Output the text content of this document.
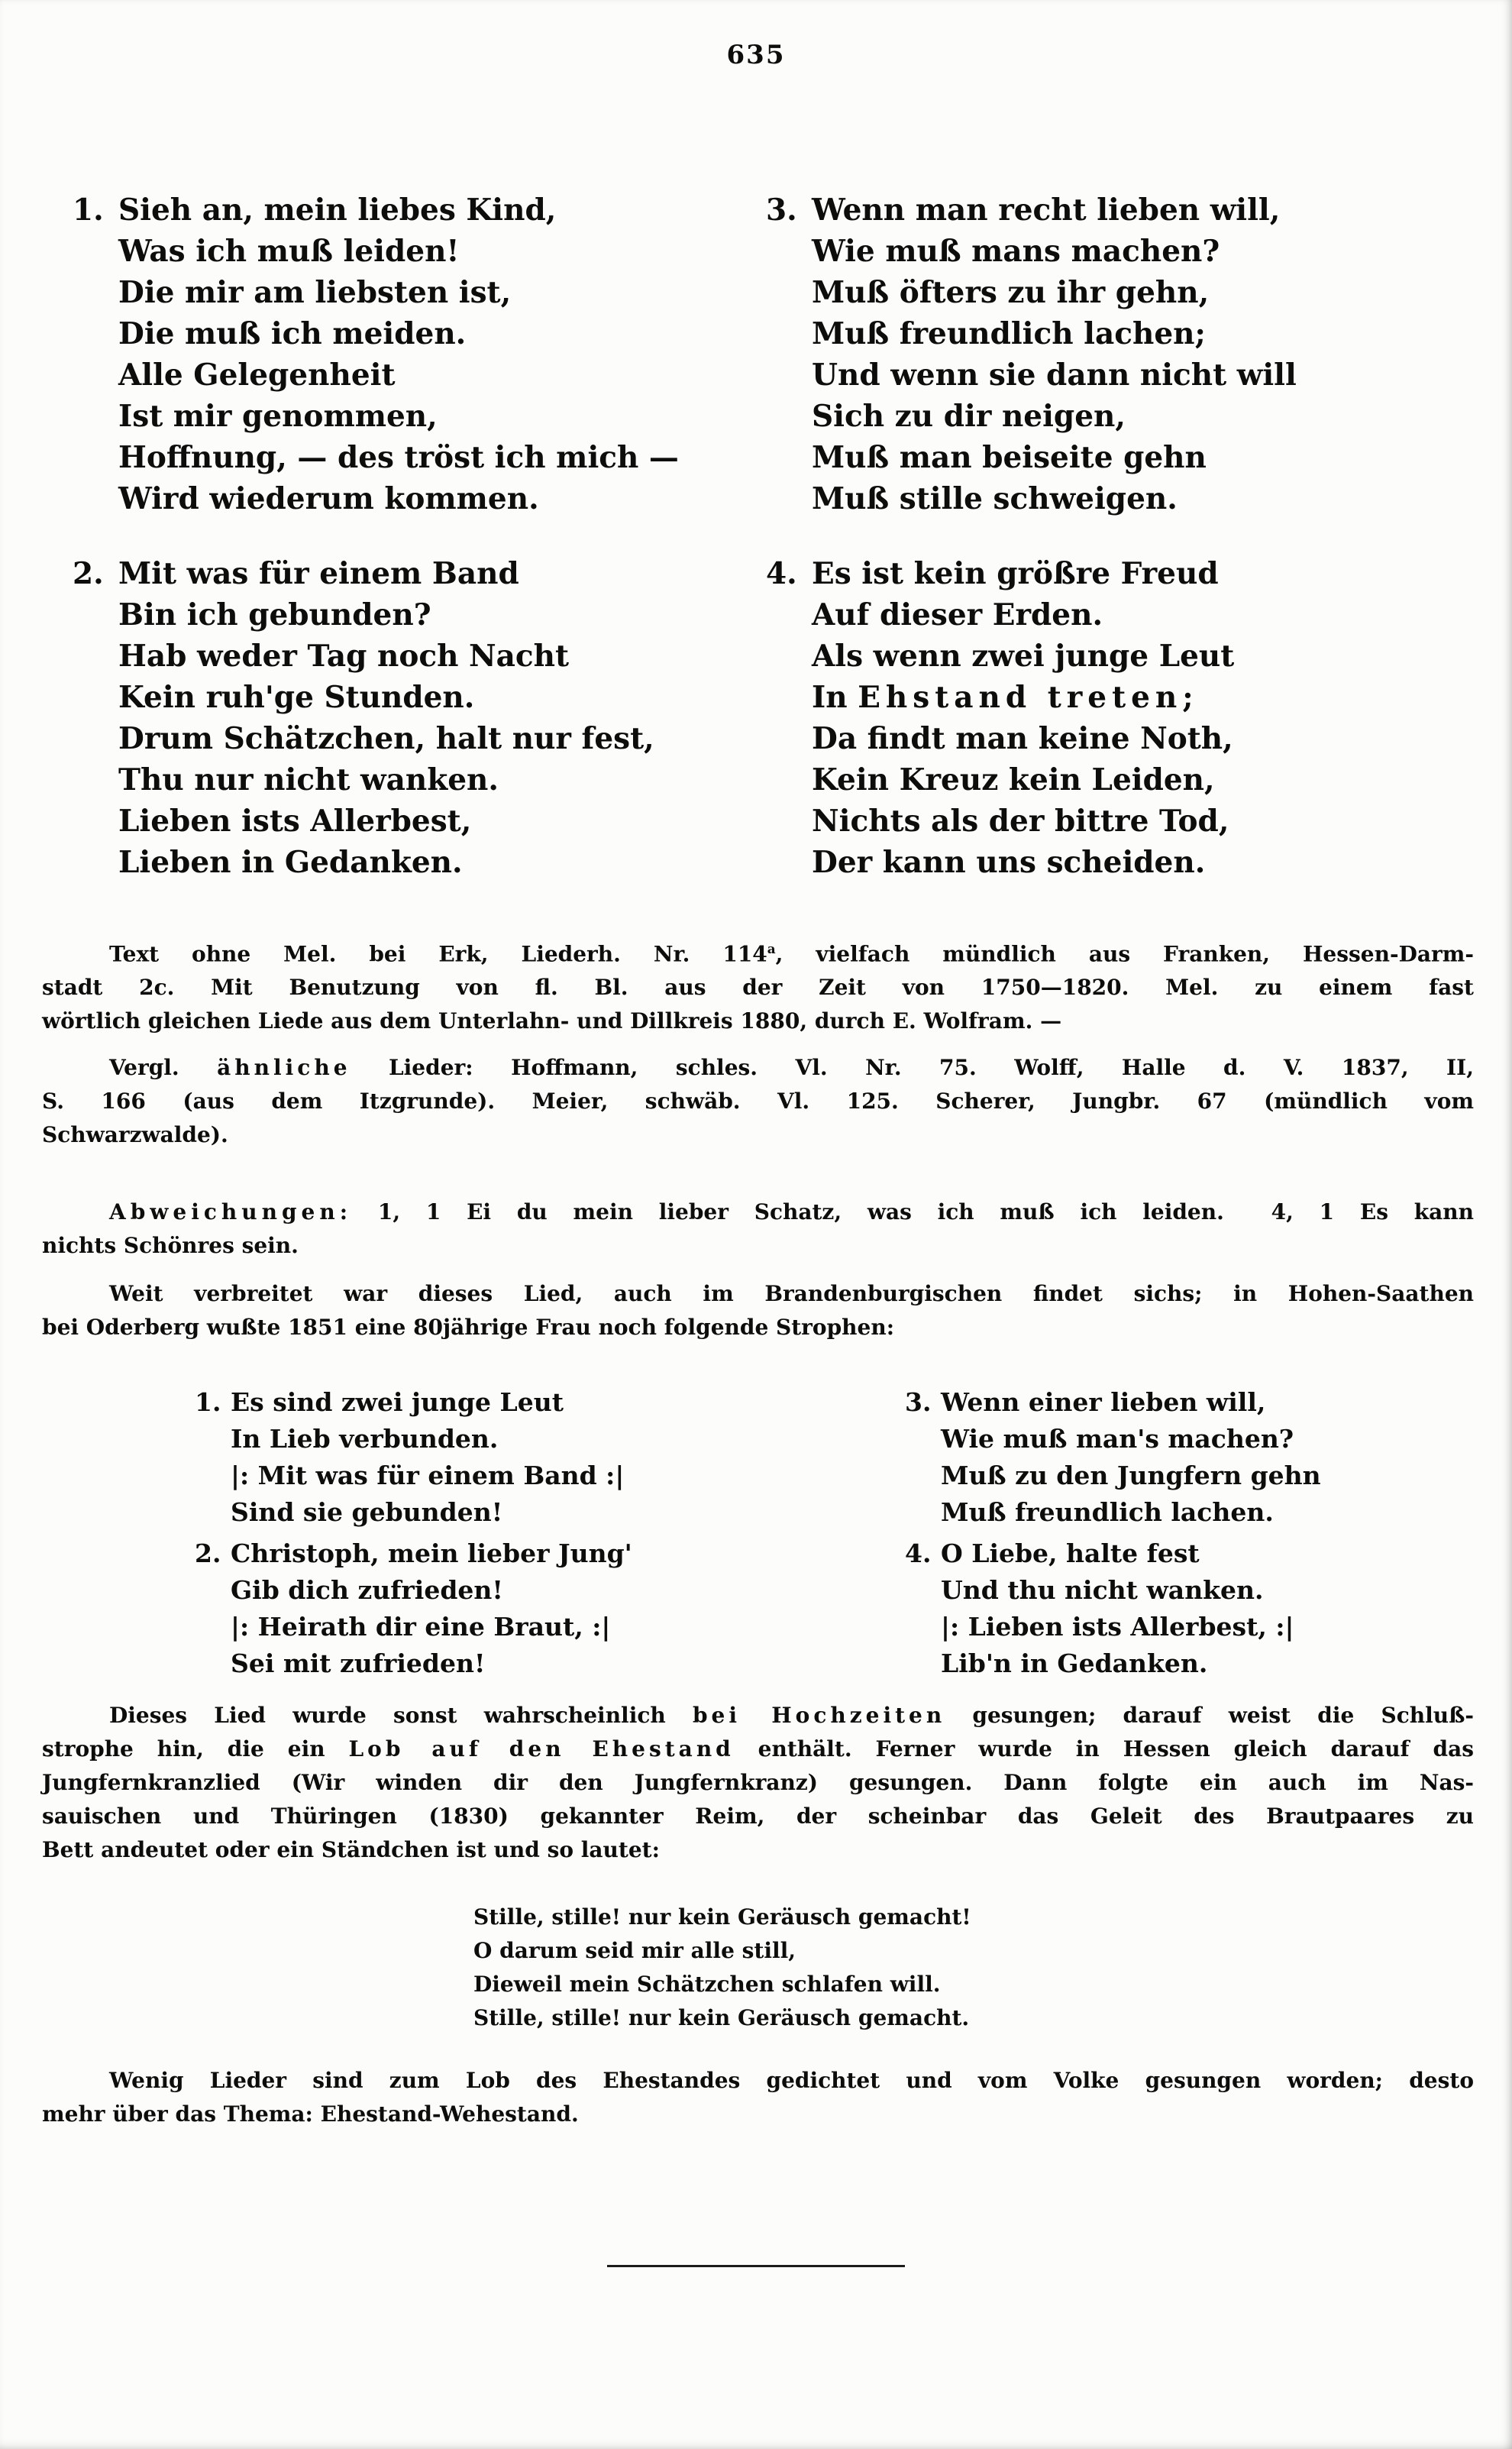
635
1. Sieh an, mein liebes Kind,
Was ich muß leiden!
Die mir am liebsten ist,
Die muß ich meiden.
Alle Gelegenheit
Ist mir genommen,
Hoffnung, — des tröst ich mich —
Wird wiederum kommen.
2. Mit was für einem Band
Bin ich gebunden?
Hab weder Tag noch Nacht
Kein ruh'ge Stunden.
Drum Schätzchen, halt nur fest,
Thu nur nicht wanken.
Lieben ists Allerbest,
Lieben in Gedanken.
3. Wenn man recht lieben will,
Wie muß mans machen?
Muß öfters zu ihr gehn,
Muß freundlich lachen;
Und wenn sie dann nicht will
Sich zu dir neigen,
Muß man beiseite gehn
Muß stille schweigen.
4. Es ist kein größre Freud
Auf dieser Erden.
Als wenn zwei junge Leut
In Ehstand treten;
Da findt man keine Noth,
Kein Kreuz kein Leiden,
Nichts als der bittre Tod,
Der kann uns scheiden.
Text ohne Mel. bei Erk, Liederh. Nr. 114$^a$, vielfach mündlich aus Franken, Hessen-Darm-
stadt 2c. Mit Benutzung von fl. Bl. aus der Zeit von 1750—1820. Mel. zu einem fast
wörtlich gleichen Liede aus dem Unterlahn- und Dillkreis 1880, durch E. Wolfram. —
Vergl. ähnliche Lieder: Hoffmann, schles. Vl. Nr. 75. Wolff, Halle d. V. 1837, II,
S. 166 (aus dem Itzgrunde). Meier, schwäb. Vl. 125. Scherer, Jungbr. 67 (mündlich vom
Schwarzwalde).
Abweichungen: 1, 1 Ei du mein lieber Schatz, was ich muß ich leiden.  4, 1 Es kann
nichts Schönres sein.
Weit verbreitet war dieses Lied, auch im Brandenburgischen findet sichs; in Hohen-Saathen
bei Oderberg wußte 1851 eine 80jährige Frau noch folgende Strophen:
1. Es sind zwei junge Leut
In Lieb verbunden.
|: Mit was für einem Band :|
Sind sie gebunden!
2. Christoph, mein lieber Jung'
Gib dich zufrieden!
|: Heirath dir eine Braut, :|
Sei mit zufrieden!
3. Wenn einer lieben will,
Wie muß man's machen?
Muß zu den Jungfern gehn
Muß freundlich lachen.
4. O Liebe, halte fest
Und thu nicht wanken.
|: Lieben ists Allerbest, :|
Lib'n in Gedanken.
Dieses Lied wurde sonst wahrscheinlich bei Hochzeiten gesungen; darauf weist die Schluß-
strophe hin, die ein Lob auf den Ehestand enthält. Ferner wurde in Hessen gleich darauf das
Jungfernkranzlied (Wir winden dir den Jungfernkranz) gesungen. Dann folgte ein auch im Nas-
sauischen und Thüringen (1830) gekannter Reim, der scheinbar das Geleit des Brautpaares zu
Bett andeutet oder ein Ständchen ist und so lautet:
Stille, stille! nur kein Geräusch gemacht!
O darum seid mir alle still,
Dieweil mein Schätzchen schlafen will.
Stille, stille! nur kein Geräusch gemacht.
Wenig Lieder sind zum Lob des Ehestandes gedichtet und vom Volke gesungen worden; desto
mehr über das Thema: Ehestand-Wehestand.
